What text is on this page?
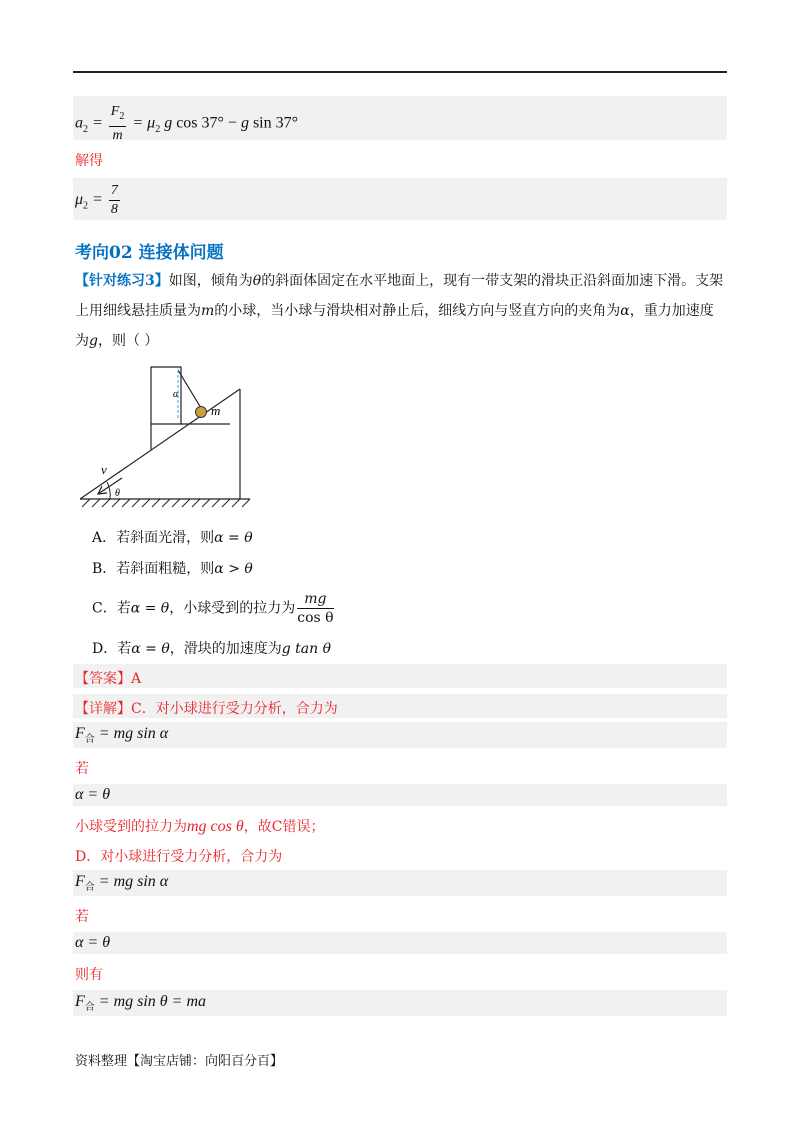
$a_2 = \frac{F_2}{m} = \mu_2$ g cos 37° − g sin 37°
解得
$\mu_2 = \frac{7}{8}$
考向02 连接体问题
【针对练习3】如图，倾角为θ的斜面体固定在水平地面上，现有一带支架的滑块正沿斜面加速下滑。支架上用细线悬挂质量为m的小球，当小球与滑块相对静止后，细线方向与竖直方向的夹角为α，重力加速度为g，则（ ）
α
m
v
θ
A．若斜面光滑，则α = θ
B．若斜面粗糙，则α > θ
C．若α = θ，小球受到的拉力为 $\frac{mg}{\text{cos θ}}$
D．若α = θ，滑块的加速度为g tan θ
【答案】A
【详解】C．对小球进行受力分析，合力为
$F_合$ = mg sin α
若
α = θ
小球受到的拉力为mg cos θ，故C错误；
D．对小球进行受力分析，合力为
$F_合$ = mg sin α
若
α = θ
则有
$F_合$ = mg sin θ = ma
资料整理【淘宝店铺：向阳百分百】
